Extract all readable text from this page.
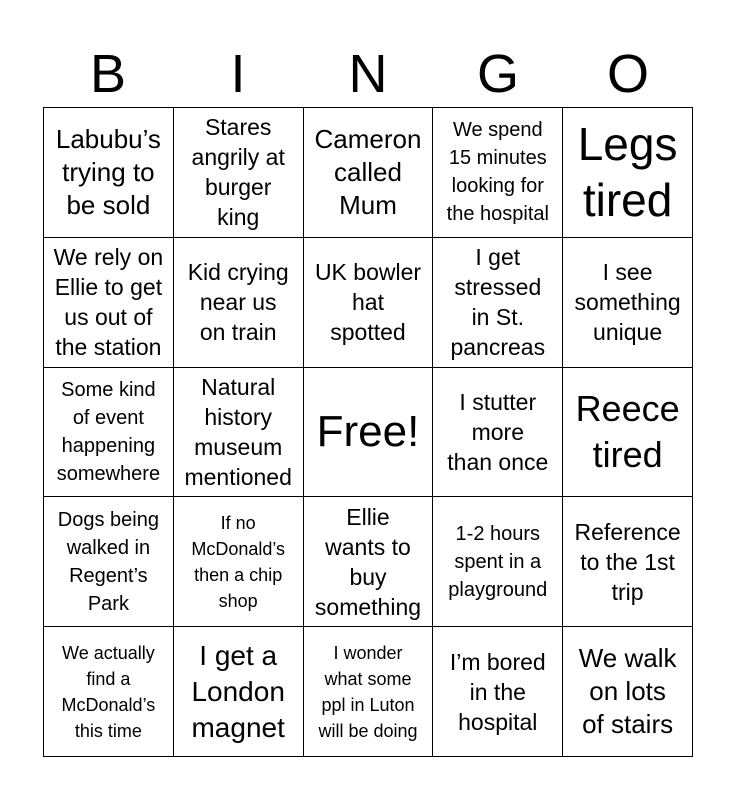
B	I	N	G	O
Labubu’s
trying to
be sold
Stares
angrily at
burger
king
Cameron
called
Mum
We spend
15 minutes
looking for
the hospital
Legs
tired
We rely on
Ellie to get
us out of
the station
Kid crying
near us
on train
UK bowler
hat
spotted
I get
stressed
in St.
pancreas
I see
something
unique
Some kind
of event
happening
somewhere
Natural
history
museum
mentioned
Free!
I stutter
more
than once
Reece
tired
Dogs being
walked in
Regent’s
Park
If no
McDonald’s
then a chip
shop
Ellie
wants to
buy
something
1-2 hours
spent in a
playground
Reference
to the 1st
trip
We actually
find a
McDonald’s
this time
I get a
London
magnet
I wonder
what some
ppl in Luton
will be doing
I’m bored
in the
hospital
We walk
on lots
of stairs
